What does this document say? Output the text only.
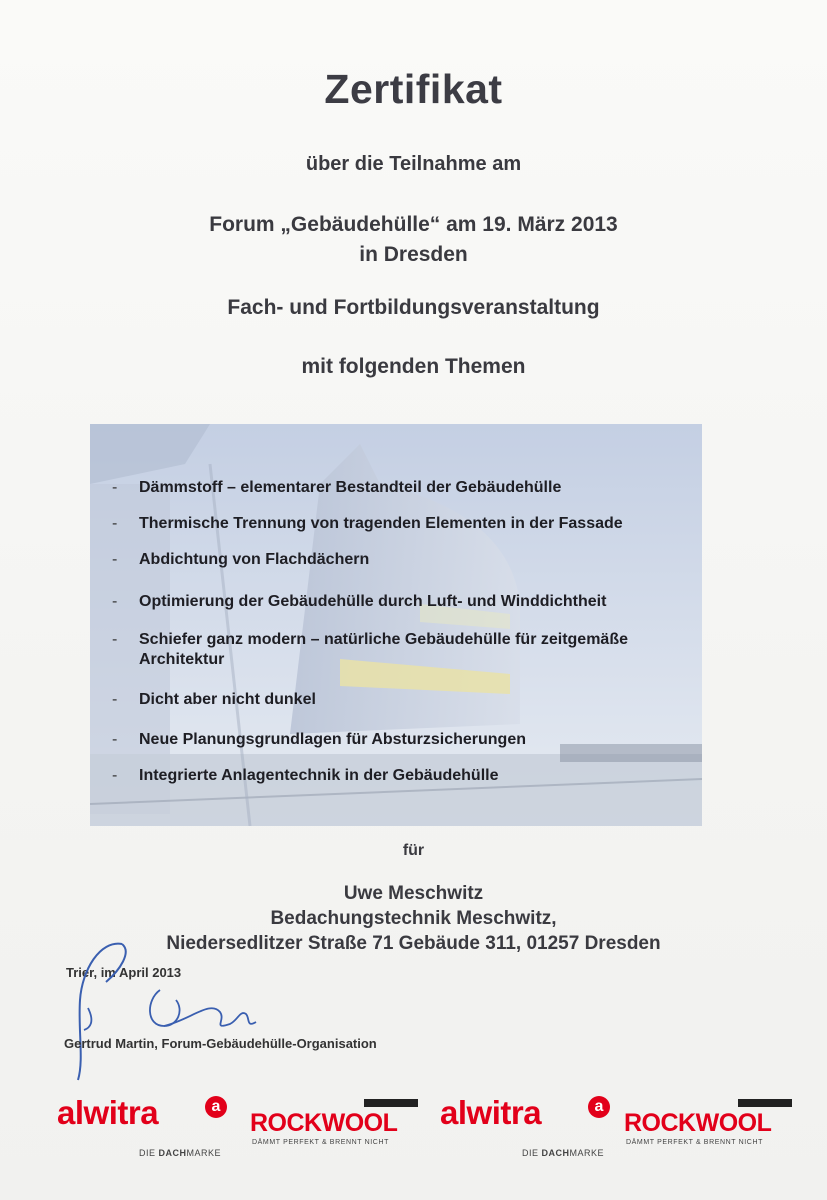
Zertifikat
über die Teilnahme am
Forum „Gebäudehülle“ am 19. März 2013
in Dresden
Fach- und Fortbildungsveranstaltung
mit folgenden Themen
- Dämmstoff – elementarer Bestandteil der Gebäudehülle
- Thermische Trennung von tragenden Elementen in der Fassade
- Abdichtung von Flachdächern
- Optimierung der Gebäudehülle durch Luft- und Winddichtheit
- Schiefer ganz modern – natürliche Gebäudehülle für zeitgemäße Architektur
- Dicht aber nicht dunkel
- Neue Planungsgrundlagen für Absturzsicherungen
- Integrierte Anlagentechnik in der Gebäudehülle
für
Uwe Meschwitz
Bedachungstechnik Meschwitz,
Niedersedlitzer Straße 71 Gebäude 311, 01257 Dresden
Trier, im April 2013
Gertrud Martin, Forum-Gebäudehülle-Organisation
alwitra	a
DIE DACHMARKE
ROCKWOOL
DÄMMT PERFEKT & BRENNT NICHT
alwitra	a
DIE DACHMARKE
ROCKWOOL
DÄMMT PERFEKT & BRENNT NICHT
